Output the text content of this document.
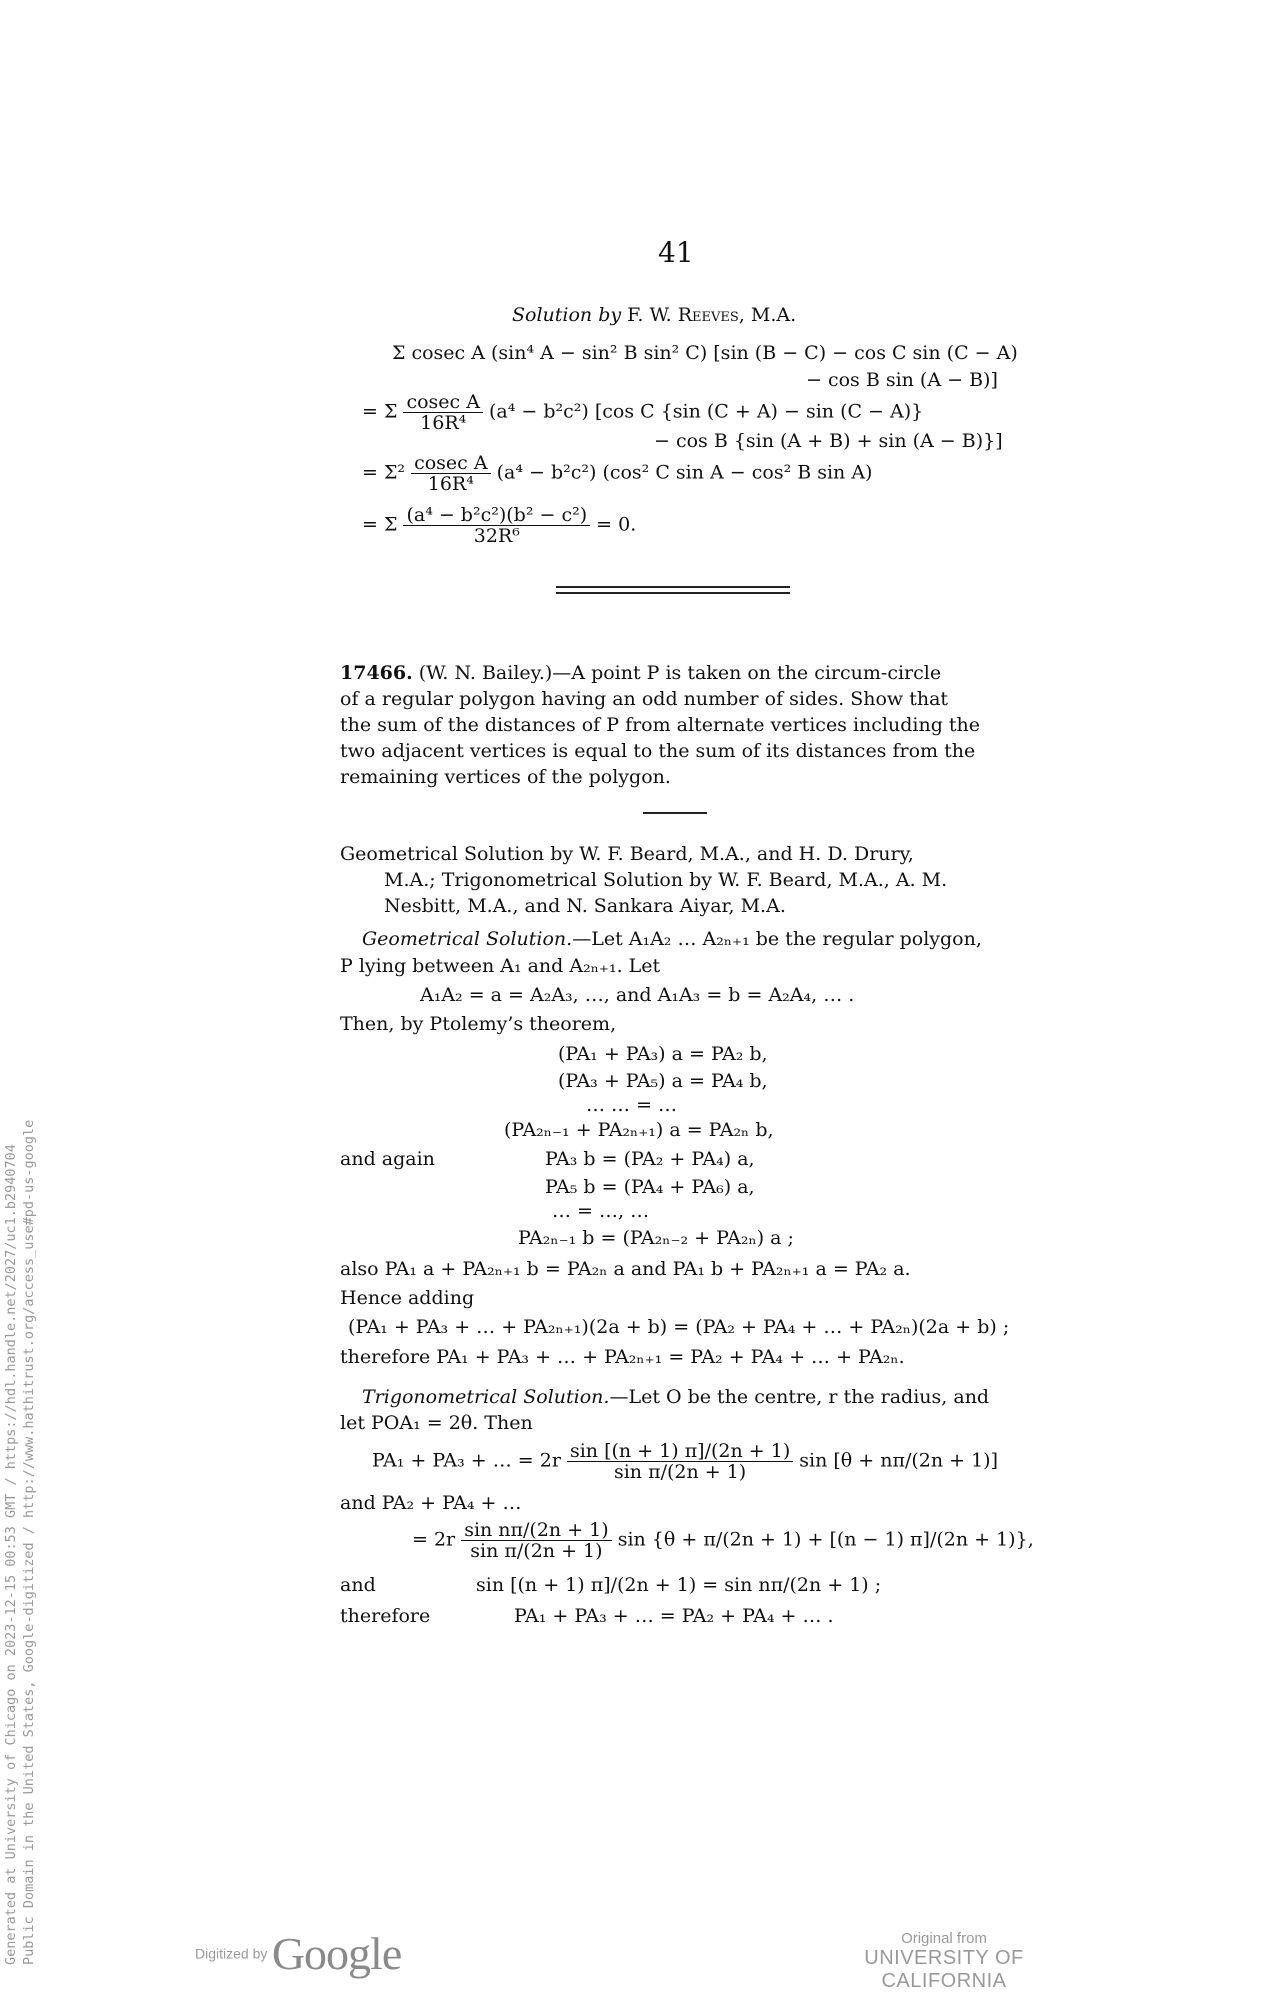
41
Solution by F. W. Reeves, M.A.
Σ cosec A (sin⁴ A − sin² B sin² C) [sin (B − C) − cos C sin (C − A)
− cos B sin (A − B)]
= Σ $\frac{\text{cosec A}}{\text{16R⁴}} (a^4 - b^2c^2)$ [cos C {sin (C + A) − sin (C − A)}
− cos B {sin (A + B) + sin (A − B)}]
= $\Sigma^2 \frac{\text{cosec A}}{\text{16R⁴}} (a^4 - b^2c^2)$ (cos² C sin A − cos² B sin A)
= Σ $\frac{\text{(a⁴ − b²c²)(b² − c²)}}{\text{32R⁶}} = 0$.
17466. (W. N. Bailey.)—A point P is taken on the circum-circle
of a regular polygon having an odd number of sides. Show that
the sum of the distances of P from alternate vertices including the
two adjacent vertices is equal to the sum of its distances from the
remaining vertices of the polygon.
Geometrical Solution by W. F. Beard, M.A., and H. D. Drury,
M.A.; Trigonometrical Solution by W. F. Beard, M.A., A. M.
Nesbitt, M.A., and N. Sankara Aiyar, M.A.
Geometrical Solution.—Let A₁A₂ … A₂ₙ₊₁ be the regular polygon,
P lying between A₁ and A₂ₙ₊₁. Let
A₁A₂ = a = A₂A₃, …, and A₁A₃ = b = A₂A₄, … .
Then, by Ptolemy’s theorem,
(PA₁ + PA₃) a = PA₂ b,
(PA₃ + PA₅) a = PA₄ b,
… … = …
(PA₂ₙ₋₁ + PA₂ₙ₊₁) a = PA₂ₙ b,
and again	PA₃ b = (PA₂ + PA₄) a,
PA₅ b = (PA₄ + PA₆) a,
… = …, …
PA₂ₙ₋₁ b = (PA₂ₙ₋₂ + PA₂ₙ) a ;
also PA₁ a + PA₂ₙ₊₁ b = PA₂ₙ a and PA₁ b + PA₂ₙ₊₁ a = PA₂ a.
Hence adding
(PA₁ + PA₃ + … + PA₂ₙ₊₁)(2a + b) = (PA₂ + PA₄ + … + PA₂ₙ)(2a + b) ;
therefore PA₁ + PA₃ + … + PA₂ₙ₊₁ = PA₂ + PA₄ + … + PA₂ₙ.
Trigonometrical Solution.—Let O be the centre, r the radius, and
let POA₁ = 2θ. Then
PA₁ + PA₃ + … = $2r \frac{\sin [(n + 1) \pi]/(2n + 1)}{\text{sin π/(2n + 1)}}$ sin [θ + nπ/(2n + 1)]
and PA₂ + PA₄ + …
= $2r \frac{\text{sin nπ/(2n + 1)}}{\text{sin π/(2n + 1)}}$ sin {θ + π/(2n + 1) + [(n − 1) π]/(2n + 1)},
and	sin [(n + 1) π]/(2n + 1) = sin nπ/(2n + 1) ;
therefore	PA₁ + PA₃ + … = PA₂ + PA₄ + … .
Generated at University of Chicago on 2023-12-15 00:53 GMT / https://hdl.handle.net/2027/uc1.b2940704 Public Domain in the United States, Google-digitized / http://www.hathitrust.org/access_use#pd-us-google	Digitized by Google	Original from
UNIVERSITY OF CALIFORNIA
